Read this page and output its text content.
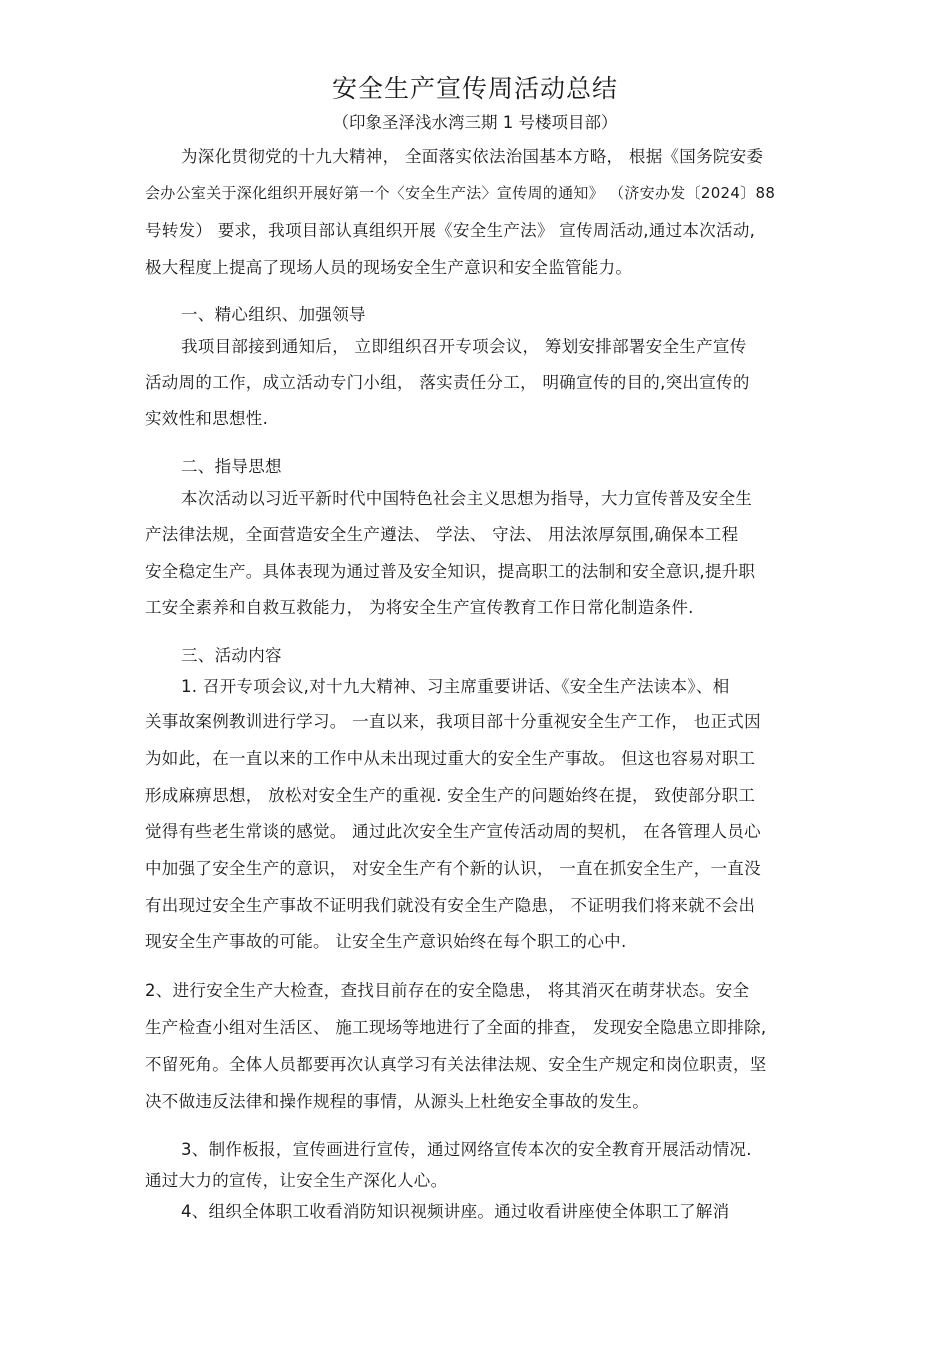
安全生产宣传周活动总结
（印象圣泽浅水湾三期 1 号楼项目部）
为深化贯彻党的十九大精神， 全面落实依法治国基本方略， 根据《国务院安委
会办公室关于深化组织开展好第一个〈安全生产法〉宣传周的通知》 （济安办发〔2024〕88
号转发） 要求，我项目部认真组织开展《安全生产法》 宣传周活动,通过本次活动,
极大程度上提高了现场人员的现场安全生产意识和安全监管能力。
一、精心组织、加强领导
我项目部接到通知后， 立即组织召开专项会议， 筹划安排部署安全生产宣传
活动周的工作，成立活动专门小组， 落实责任分工， 明确宣传的目的,突出宣传的
实效性和思想性.
二、指导思想
本次活动以习近平新时代中国特色社会主义思想为指导，大力宣传普及安全生
产法律法规，全面营造安全生产遵法、 学法、 守法、 用法浓厚氛围,确保本工程
安全稳定生产。具体表现为通过普及安全知识，提高职工的法制和安全意识,提升职
工安全素养和自救互救能力， 为将安全生产宣传教育工作日常化制造条件.
三、活动内容
1. 召开专项会议,对十九大精神、习主席重要讲话、《安全生产法读本》、相
关事故案例教训进行学习。 一直以来，我项目部十分重视安全生产工作， 也正式因
为如此，在一直以来的工作中从未出现过重大的安全生产事故。 但这也容易对职工
形成麻痹思想， 放松对安全生产的重视. 安全生产的问题始终在提， 致使部分职工
觉得有些老生常谈的感觉。 通过此次安全生产宣传活动周的契机， 在各管理人员心
中加强了安全生产的意识， 对安全生产有个新的认识， 一直在抓安全生产，一直没
有出现过安全生产事故不证明我们就没有安全生产隐患， 不证明我们将来就不会出
现安全生产事故的可能。 让安全生产意识始终在每个职工的心中.
2、进行安全生产大检查，查找目前存在的安全隐患， 将其消灭在萌芽状态。安全
生产检查小组对生活区、 施工现场等地进行了全面的排查， 发现安全隐患立即排除,
不留死角。全体人员都要再次认真学习有关法律法规、安全生产规定和岗位职责，坚
决不做违反法律和操作规程的事情，从源头上杜绝安全事故的发生。
3、制作板报，宣传画进行宣传，通过网络宣传本次的安全教育开展活动情况.
通过大力的宣传，让安全生产深化人心。
4、组织全体职工收看消防知识视频讲座。通过收看讲座使全体职工了解消
